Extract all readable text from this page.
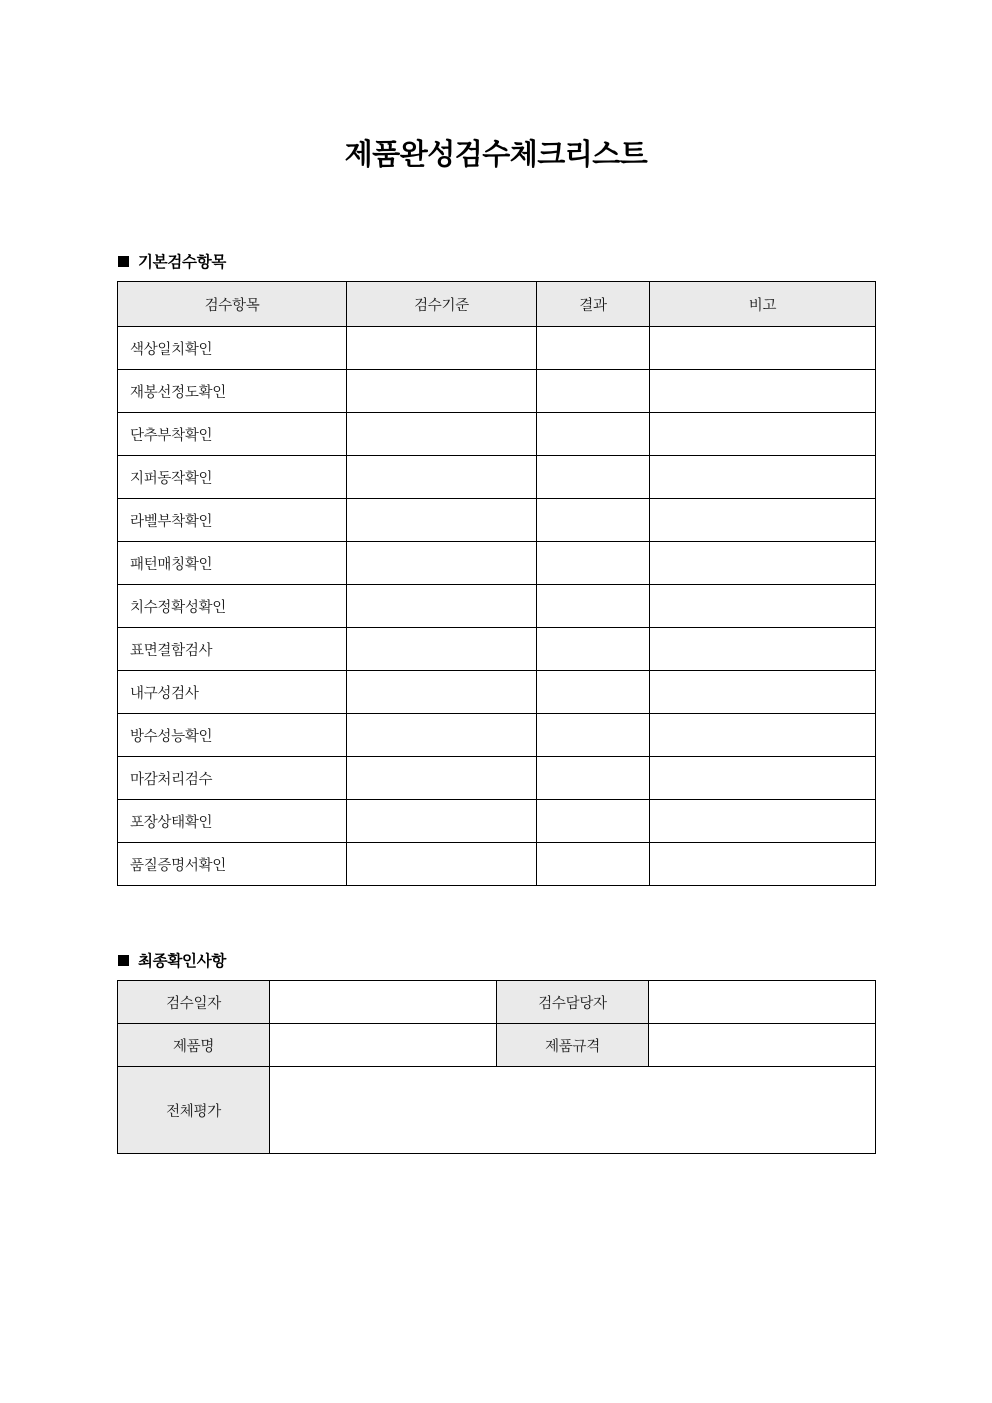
제품완성검수체크리스트
기본검수항목
검수항목	검수기준	결과	비고
색상일치확인			
재봉선정도확인			
단추부착확인			
지퍼동작확인			
라벨부착확인			
패턴매칭확인			
치수정확성확인			
표면결함검사			
내구성검사			
방수성능확인			
마감처리검수			
포장상태확인			
품질증명서확인			
최종확인사항
검수일자		검수담당자	
제품명		제품규격	
전체평가			
